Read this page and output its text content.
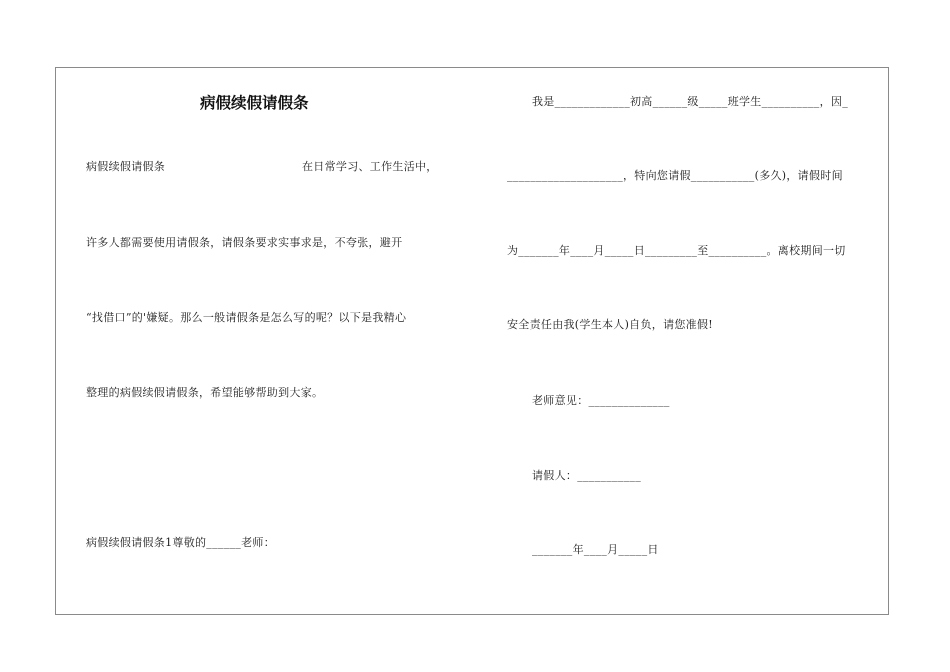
病假续假请假条
病假续假请假条	在日常学习、工作生活中，
许多人都需要使用请假条，请假条要求实事求是，不夸张，避开
“找借口”的'嫌疑。那么一般请假条是怎么写的呢？以下是我精心
整理的病假续假请假条，希望能够帮助到大家。
病假续假请假条1尊敬的______老师：
我是_____________初高______级_____班学生__________，因_
____________________，特向您请假___________(多久)，请假时间
为_______年____月_____日_________至__________。离校期间一切
安全责任由我(学生本人)自负，请您准假!
老师意见：______________
请假人：___________
_______年____月_____日
